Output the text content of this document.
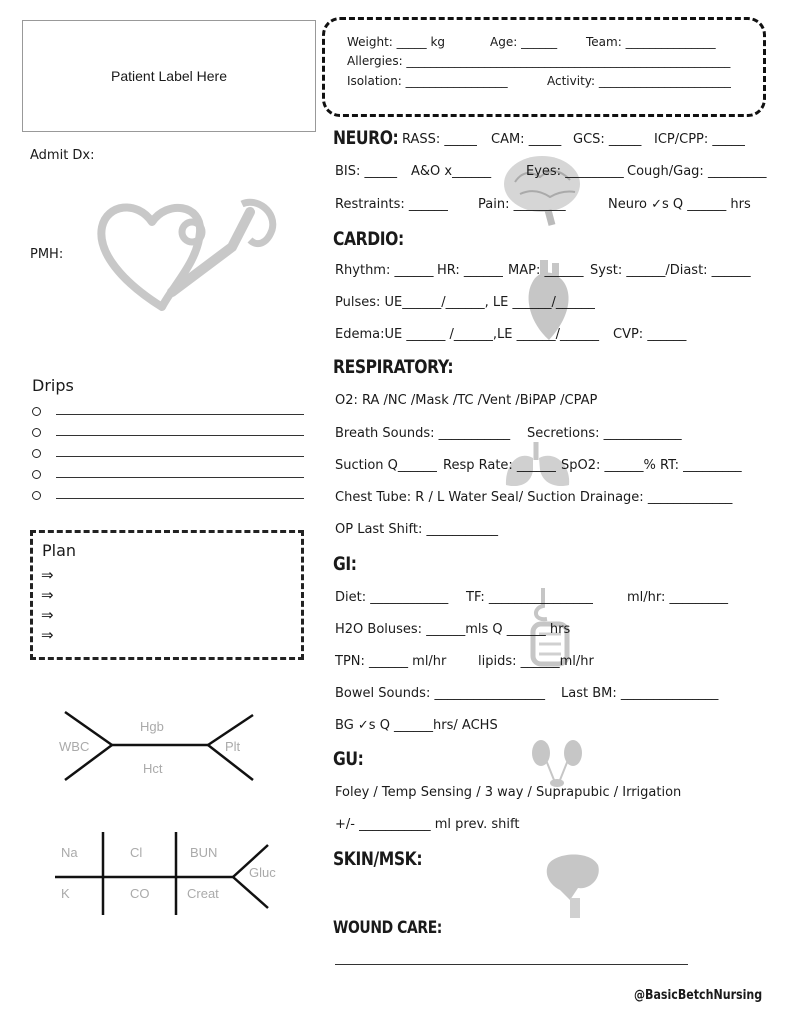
Patient Label Here
Admit Dx:
PMH:
Drips
Plan
⇒
⇒
⇒
⇒
Hgb
Hct
WBC	Plt
Na	Cl	BUN
K	CO	Creat
Gluc
Weight: _____ kg	Age: ______ Team: _______________
Allergies: ______________________________________________________
Isolation: _________________	Activity: ______________________
NEURO: RASS: _____ CAM: _____ GCS: _____ ICP/CPP: _____
BIS: _____ A&O x______	Eyes: _________ Cough/Gag: _________
Restraints: ______ Pain: ________	Neuro ✓s Q ______ hrs
CARDIO:
Rhythm: ______ HR: ______ MAP: ______ Syst: ______/Diast: ______
Pulses: UE______/______, LE ______/______
Edema:UE ______ /______,LE ______/______ CVP: ______
RESPIRATORY:
O2: RA /NC /Mask /TC /Vent /BiPAP /CPAP
Breath Sounds: ___________ Secretions: ____________
Suction Q______ Resp Rate: ______ SpO2: ______% RT: _________
Chest Tube: R / L Water Seal/ Suction Drainage: _____________
OP Last Shift: ___________
GI:
Diet: ____________ TF: ________________	ml/hr: _________
H2O Boluses: ______mls Q ______ hrs
TPN: ______ ml/hr lipids: ______ml/hr
Bowel Sounds: _________________ Last BM: _______________
BG ✓s Q ______hrs/ ACHS
GU:
Foley / Temp Sensing / 3 way / Suprapubic / Irrigation
+/- ___________ ml prev. shift
SKIN/MSK:
WOUND CARE:
@BasicBetchNursing
